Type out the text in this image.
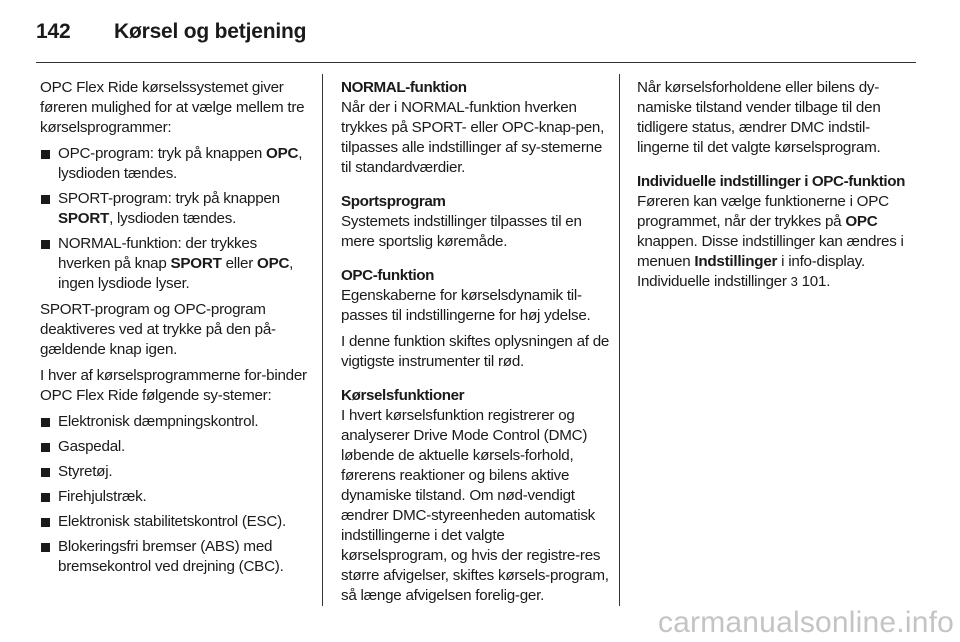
142	Kørsel og betjening

OPC Flex Ride kørselssystemet giver føreren mulighed for at vælge mellem tre kørselsprogrammer:

OPC-program: tryk på knappen OPC, lysdioden tændes.
SPORT-program: tryk på knappen SPORT, lysdioden tændes.
NORMAL-funktion: der trykkes hverken på knap SPORT eller OPC, ingen lysdiode lyser.

SPORT-program og OPC-program deaktiveres ved at trykke på den på-gældende knap igen.

I hver af kørselsprogrammerne for-binder OPC Flex Ride følgende sy-stemer:

Elektronisk dæmpningskontrol.
Gaspedal.
Styretøj.
Firehjulstræk.
Elektronisk stabilitetskontrol (ESC).
Blokeringsfri bremser (ABS) med bremsekontrol ved drejning (CBC).
NORMAL-funktion

Når der i NORMAL-funktion hverken trykkes på SPORT- eller OPC-knap-pen, tilpasses alle indstillinger af sy-stemerne til standardværdier.

Sportsprogram

Systemets indstillinger tilpasses til en mere sportslig køremåde.

OPC-funktion

Egenskaberne for kørselsdynamik til-passes til indstillingerne for høj ydelse.

I denne funktion skiftes oplysningen af de vigtigste instrumenter til rød.

Kørselsfunktioner

I hvert kørselsfunktion registrerer og analyserer Drive Mode Control (DMC) løbende de aktuelle kørsels-forhold, førerens reaktioner og bilens aktive dynamiske tilstand. Om nød-vendigt ændrer DMC-styreenheden automatisk indstillingerne i det valgte kørselsprogram, og hvis der registre-res større afvigelser, skiftes kørsels-program, så længe afvigelsen forelig-ger.

Når kørselsforholdene eller bilens dy-namiske tilstand vender tilbage til den tidligere status, ændrer DMC indstil-lingerne til det valgte kørselsprogram.

Individuelle indstillinger i OPC-funktion

Føreren kan vælge funktionerne i OPC programmet, når der trykkes på OPC knappen. Disse indstillinger kan ændres i menuen Indstillinger i info-display. Individuelle indstillinger 3 101.

carmanualsonline.info
